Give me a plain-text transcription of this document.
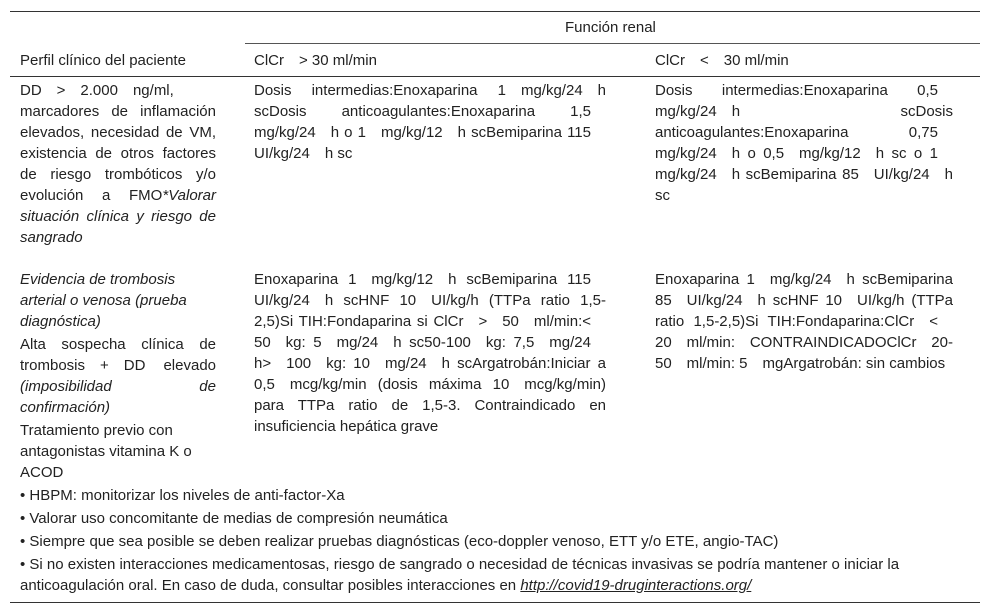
Función renal
Perfil clínico del paciente	ClCr > 30 ml/min	ClCr < 30 ml/min
DD > 2.000 ng/ml, marcadores de inflamación elevados, necesidad de VM, existencia de otros factores de riesgo trombóticos y/o evolución a FMO*Valorar situación clínica y riesgo de sangrado
Dosis intermedias:Enoxaparina 1 mg/kg/24 h scDosis anticoagulantes:Enoxaparina 1,5 mg/kg/24 h o 1 mg/kg/12 h scBemiparina 115 UI/kg/24 h sc
Dosis intermedias:Enoxaparina 0,5 mg/kg/24 h scDosis anticoagulantes:Enoxaparina 0,75 mg/kg/24 h o 0,5 mg/kg/12 h sc o 1 mg/kg/24 h scBemiparina 85 UI/kg/24 h sc
Evidencia de trombosis arterial o venosa (prueba diagnóstica)
Alta sospecha clínica de trombosis + DD elevado (imposibilidad de confirmación)
Tratamiento previo con antagonistas vitamina K o ACOD
Enoxaparina 1 mg/kg/12 h scBemiparina 115 UI/kg/24 h scHNF 10 UI/kg/h (TTPa ratio 1,5-2,5)Si TIH:Fondaparina si ClCr > 50 ml/min:< 50 kg: 5 mg/24 h sc50-100 kg: 7,5 mg/24 h> 100 kg: 10 mg/24 h scArgatrobán:Iniciar a 0,5 mcg/kg/min (dosis máxima 10 mcg/kg/min) para TTPa ratio de 1,5-3. Contraindicado en insuficiencia hepática grave
Enoxaparina 1 mg/kg/24 h scBemiparina 85 UI/kg/24 h scHNF 10 UI/kg/h (TTPa ratio 1,5-2,5)Si TIH:Fondaparina:ClCr < 20 ml/min: CONTRAINDICADOClCr 20-50 ml/min: 5 mgArgatrobán: sin cambios
• HBPM: monitorizar los niveles de anti-factor-Xa
• Valorar uso concomitante de medias de compresión neumática
• Siempre que sea posible se deben realizar pruebas diagnósticas (eco-doppler venoso, ETT y/o ETE, angio-TAC)
• Si no existen interacciones medicamentosas, riesgo de sangrado o necesidad de técnicas invasivas se podría mantener o iniciar la anticoagulación oral. En caso de duda, consultar posibles interacciones en http://covid19-druginteractions.org/
